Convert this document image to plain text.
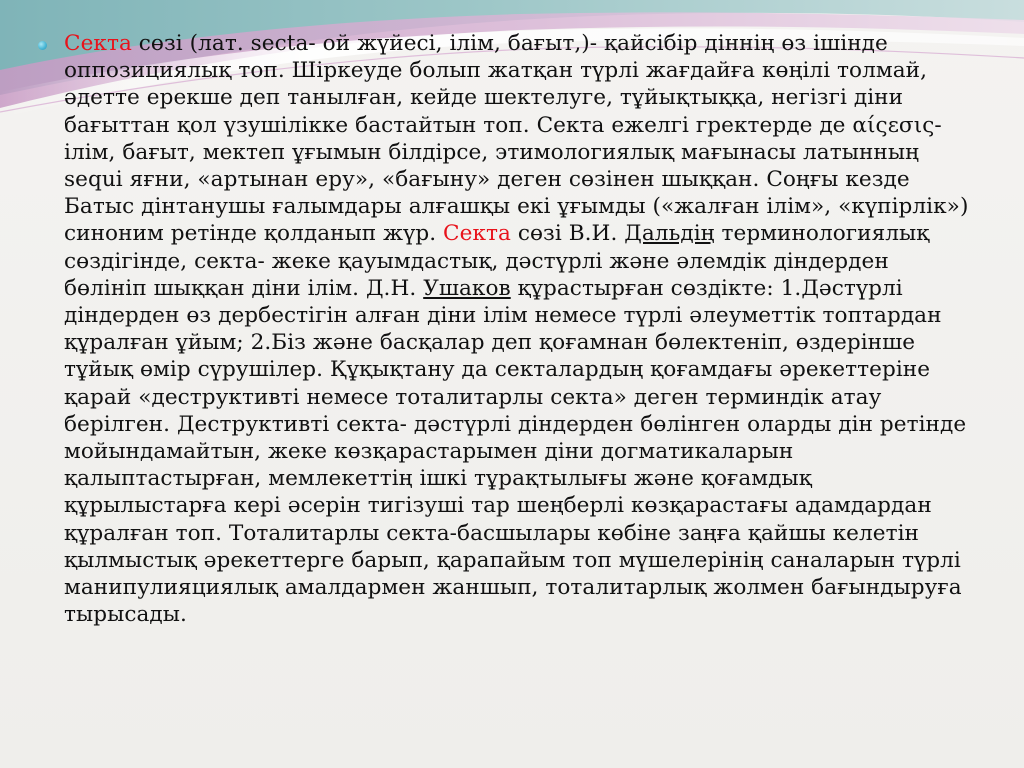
Секта сөзі (лат. secta- ой жүйесі, ілім, бағыт,)- қайсібір діннің өз ішінде оппозициялық топ. Шіркеуде болып жатқан түрлі жағдайға көңілі толмай, әдетте ерекше деп танылған, кейде шектелуге, тұйықтыққа, негізгі діни бағыттан қол үзушілікке бастайтын топ. Секта ежелгі гректерде де αίςεσις- ілім, бағыт, мектеп ұғымын білдірсе, этимологиялық мағынасы латынның sequi яғни, «артынан еру», «бағыну» деген сөзінен шыққан. Соңғы кезде Батыс дінтанушы ғалымдары алғашқы екі ұғымды («жалған ілім», «күпірлік») синоним ретінде қолданып жүр. Секта сөзі В.И. Дальдің терминологиялық сөздігінде, секта- жеке қауымдастық, дәстүрлі және әлемдік діндерден бөлініп шыққан діни ілім. Д.Н. Ушаков құрастырған сөздікте: 1.Дәстүрлі діндерден өз дербестігін алған діни ілім немесе түрлі әлеуметтік топтардан құралған ұйым; 2.Біз және басқалар деп қоғамнан бөлектеніп, өздерінше тұйық өмір сүрушілер. Құқықтану да секталардың қоғамдағы әрекеттеріне қарай «деструктивті немесе тоталитарлы секта» деген терминдік атау берілген. Деструктивті секта- дәстүрлі діндерден бөлінген оларды дін ретінде мойындамайтын, жеке көзқарастарымен діни догматикаларын қалыптастырған, мемлекеттің ішкі тұрақтылығы және қоғамдық құрылыстарға кері әсерін тигізуші тар шеңберлі көзқарастағы адамдардан құралған топ. Тоталитарлы секта-басшылары көбіне заңға қайшы келетін қылмыстық әрекеттерге барып, қарапайым топ мүшелерінің саналарын түрлі манипулияциялық амалдармен жаншып, тоталитарлық жолмен бағындыруға тырысады.
